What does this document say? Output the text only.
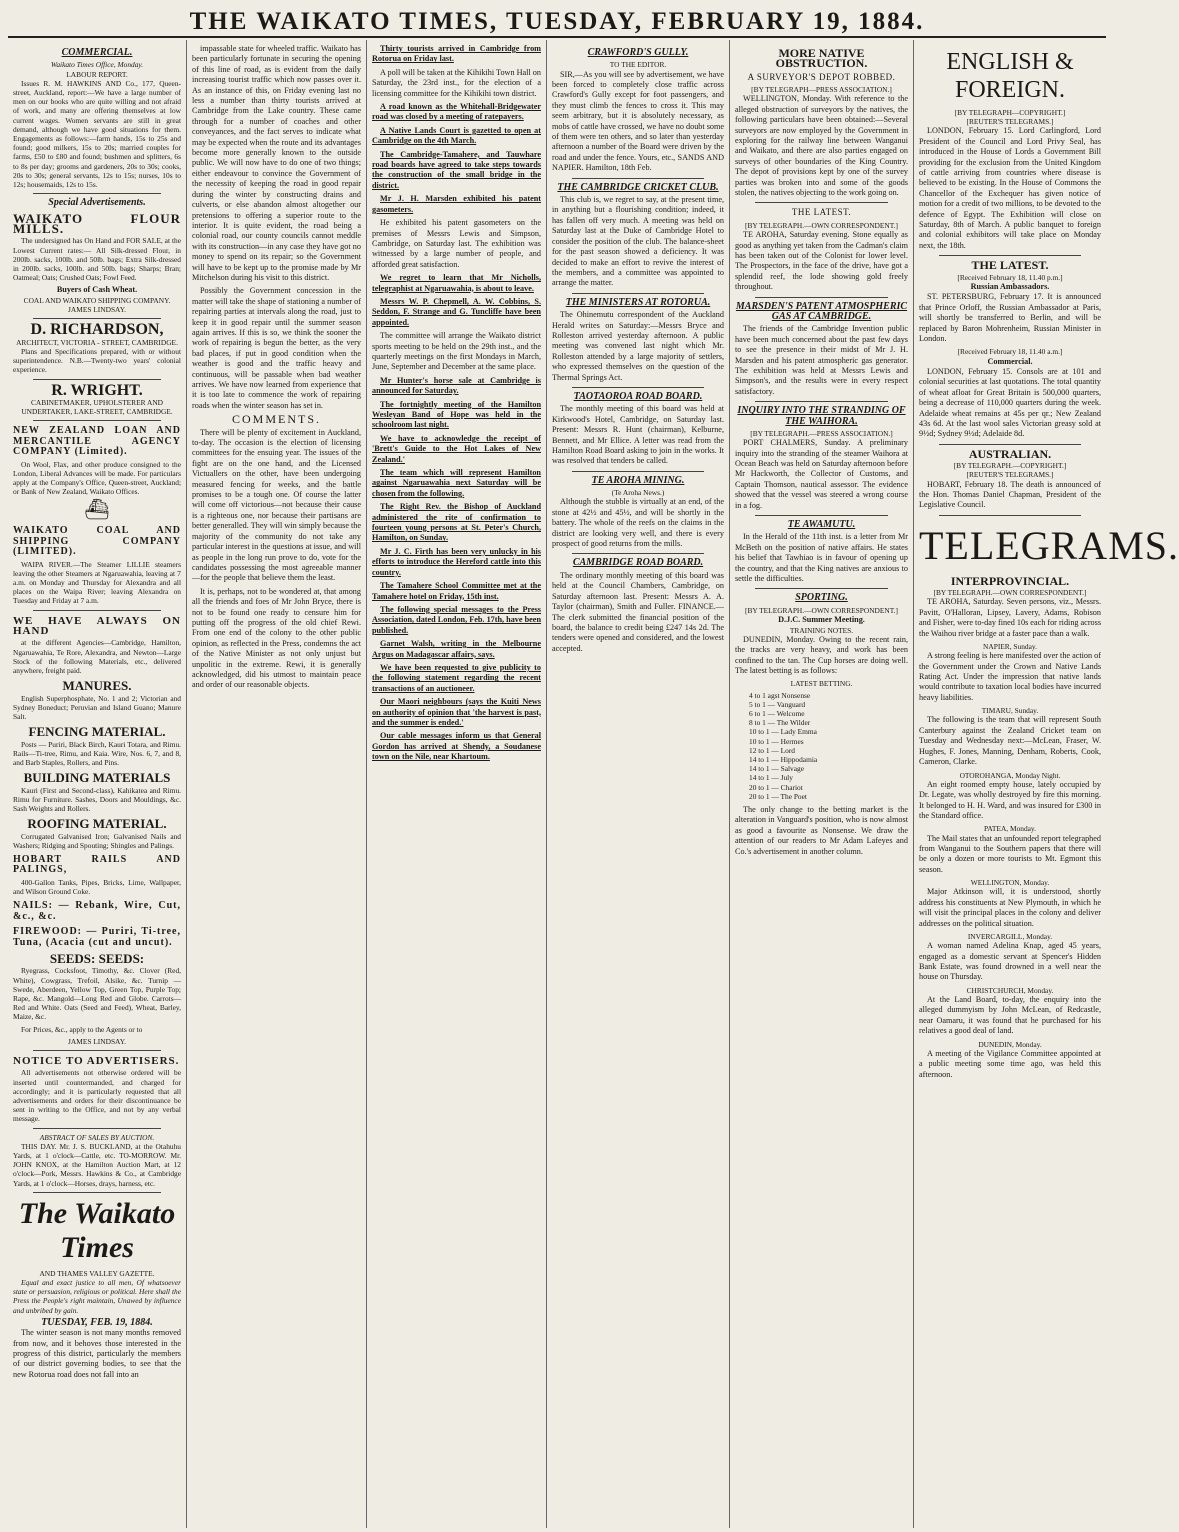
THE WAIKATO TIMES, TUESDAY, FEBRUARY 19, 1884.
COMMERCIAL.
Waikato Times Office, Monday.
LABOUR REPORT.

Issues R. M. HAWKINS AND Co., 177, Queen-street, Auckland, report:—We have a large number of men on our books who are quite willing and not afraid of work, and many are offering themselves at low current wages. Women servants are still in great demand, although we have good situations for them. Engagements as follows:—farm hands, 15s to 25s and found; good milkers, 15s to 20s; married couples for farms, £50 to £80 and found; bushmen and splitters, 6s to 8s per day; grooms and gardeners, 20s to 30s; cooks, 20s to 30s; general servants, 12s to 15s; nurses, 10s to 12s; housemaids, 12s to 15s.

Special Advertisements.
WAIKATO FLOUR MILLS.

The undersigned has On Hand and FOR SALE, at the Lowest Current rates:— All Silk-dressed Flour, in 200lb. sacks, 100lb. and 50lb. bags; Extra Silk-dressed in 200lb. sacks, 100lb. and 50lb. bags; Sharps; Bran; Oatmeal; Oats; Crushed Oats; Fowl Feed.

Buyers of Cash Wheat.
COAL AND WAIKATO SHIPPING COMPANY. JAMES LINDSAY.
D. RICHARDSON,
ARCHITECT, VICTORIA - STREET, CAMBRIDGE.

Plans and Specifications prepared, with or without superintendence. N.B.—Twenty-two years' colonial experience.

R. WRIGHT.
CABINETMAKER, UPHOLSTERER AND UNDERTAKER, LAKE-STREET, CAMBRIDGE.
NEW ZEALAND LOAN AND MERCANTILE AGENCY COMPANY (Limited).

On Wool, Flax, and other produce consigned to the London, Liberal Advances will be made. For particulars apply at the Company's Office, Queen-street, Auckland; or Bank of New Zealand, Waikato Offices.

⛴
WAIKATO COAL AND SHIPPING COMPANY (LIMITED).

WAIPA RIVER.—The Steamer LILLIE steamers leaving the other Steamers at Ngaruawahia, leaving at 7 a.m. on Monday and Thursday for Alexandra and all places on the Waipa River; leaving Alexandra on Tuesday and Friday at 7 a.m.

WE HAVE ALWAYS ON HAND

at the different Agencies—Cambridge, Hamilton, Ngaruawahia, Te Rore, Alexandra, and Newton—Large Stock of the following Materials, etc., delivered anywhere, freight paid.

MANURES.

English Superphosphate, No. 1 and 2; Victorian and Sydney Boneduct; Peruvian and Island Guano; Manure Salt.

FENCING MATERIAL.

Posts — Puriri, Black Birch, Kauri Totara, and Rimu. Rails—Ti-tree, Rimu, and Kaia. Wire, Nos. 6, 7, and 8, and Barb Staples, Rollers, and Pins.

BUILDING MATERIALS

Kauri (First and Second-class), Kahikatea and Rimu. Rimu for Furniture. Sashes, Doors and Mouldings, &c. Sash Weights and Rollers.

ROOFING MATERIAL.

Corrugated Galvanised Iron; Galvanised Nails and Washers; Ridging and Spouting; Shingles and Palings.

HOBART RAILS AND PALINGS,

400-Gallon Tanks, Pipes, Bricks, Lime, Wallpaper, and Wilson Ground Coke.

NAILS: — Rebank, Wire, Cut, &c., &c.
FIREWOOD: — Puriri, Ti-tree, Tuna, (Acacia (cut and uncut).
SEEDS: SEEDS:

Ryegrass, Cocksfoot, Timothy, &c. Clover (Red, White), Cowgrass, Trefoil, Alsike, &c. Turnip — Swede, Aberdeen, Yellow Top, Green Top, Purple Top; Rape, &c. Mangold—Long Red and Globe. Carrots—Red and White. Oats (Seed and Feed), Wheat, Barley, Maize, &c.

For Prices, &c., apply to the Agents or to

JAMES LINDSAY.
NOTICE TO ADVERTISERS.

All advertisements not otherwise ordered will be inserted until countermanded, and charged for accordingly; and it is particularly requested that all advertisements and orders for their discontinuance be sent in writing to the Office, and not by any verbal message.

ABSTRACT OF SALES BY AUCTION.

THIS DAY. Mr. J. S. BUCKLAND, at the Otahuhu Yards, at 1 o'clock—Cattle, etc. TO-MORROW. Mr. JOHN KNOX, at the Hamilton Auction Mart, at 12 o'clock—Pork, Messrs. Hawkins & Co., at Cambridge Yards, at 1 o'clock—Horses, drays, harness, etc.

The Waikato Times
AND THAMES VALLEY GAZETTE.

Equal and exact justice to all men, Of whatsoever state or persuasion, religious or political. Here shall the Press the People's right maintain, Unawed by influence and unbribed by gain.

TUESDAY, FEB. 19, 1884.

The winter season is not many months removed from now, and it behoves those interested in the progress of this district, particularly the members of our district governing bodies, to see that the new Rotorua road does not fall into an

impassable state for wheeled traffic. Waikato has been particularly fortunate in securing the opening of this line of road, as is evident from the daily increasing tourist traffic which now passes over it. As an instance of this, on Friday evening last no less a number than thirty tourists arrived at Cambridge from the Lake country. These came through for a number of coaches and other conveyances, and the fact serves to indicate what may be expected when the route and its advantages become more generally known to the outside public. We will now have to do one of two things; either endeavour to convince the Government of the necessity of keeping the road in good repair during the winter by constructing drains and culverts, or else abandon almost altogether our pretensions to offering a superior route to the interior. It is quite evident, the road being a colonial road, our county councils cannot meddle with its construction—in any case they have got no money to spend on its repair; so the Government will have to be kept up to the promise made by Mr Mitchelson during his visit to this district.

Possibly the Government concession in the matter will take the shape of stationing a number of repairing parties at intervals along the road, just to keep it in good repair until the summer season again arrives. If this is so, we think the sooner the work of repairing is begun the better, as the very bad places, if put in good condition when the weather is good and the traffic heavy and continuous, will be passable when bad weather arrives. We have now learned from experience that it is too late to commence the work of repairing roads when the winter season has set in.

COMMENTS.

There will be plenty of excitement in Auckland, to-day. The occasion is the election of licensing committees for the ensuing year. The issues of the fight are on the one hand, and the Licensed Victuallers on the other, have been undergoing measured fencing for weeks, and the battle promises to be a tough one. Of course the latter will come off victorious—not because their cause is a righteous one, nor because their partisans are better generalled. They will win simply because the majority of the community do not take any particular interest in the questions at issue, and will as people in the long run prove to do, vote for the candidates possessing the most agreeable manner—for the people that believe them the least.

It is, perhaps, not to be wondered at, that among all the friends and foes of Mr John Bryce, there is not to be found one ready to censure him for putting off the progress of the old chief Rewi. From one end of the colony to the other public opinion, as reflected in the Press, condemns the act of the Native Minister as not only unjust but unpolitic in the extreme. Rewi, it is generally acknowledged, did his utmost to maintain peace and order of our reasonable objects.

Thirty tourists arrived in Cambridge from Rotorua on Friday last.

A poll will be taken at the Kihikihi Town Hall on Saturday, the 23rd inst., for the election of a licensing committee for the Kihikihi town district.

A road known as the Whitehall-Bridgewater road was closed by a meeting of ratepayers.

A Native Lands Court is gazetted to open at Cambridge on the 4th March.

The Cambridge-Tamahere, and Tauwhare road boards have agreed to take steps towards the construction of the small bridge in the district.

Mr J. H. Marsden exhibited his patent gasometers.

He exhibited his patent gasometers on the premises of Messrs Lewis and Simpson, Cambridge, on Saturday last. The exhibition was witnessed by a large number of people, and afforded great satisfaction.

We regret to learn that Mr Nicholls, telegraphist at Ngaruawahia, is about to leave.

Messrs W. P. Chepmell, A. W. Cobbins, S. Seddon, F. Strange and G. Tuncliffe have been appointed.

The committee will arrange the Waikato district sports meeting to be held on the 29th inst., and the quarterly meetings on the first Mondays in March, June, September and December at the same place.

Mr Hunter's horse sale at Cambridge is announced for Saturday.

The fortnightly meeting of the Hamilton Wesleyan Band of Hope was held in the schoolroom last night.

We have to acknowledge the receipt of 'Brett's Guide to the Hot Lakes of New Zealand.'

The team which will represent Hamilton against Ngaruawahia next Saturday will be chosen from the following.

The Right Rev. the Bishop of Auckland administered the rite of confirmation to fourteen young persons at St. Peter's Church, Hamilton, on Sunday.

Mr J. C. Firth has been very unlucky in his efforts to introduce the Hereford cattle into this country.

The Tamahere School Committee met at the Tamahere hotel on Friday, 15th inst.

The following special messages to the Press Association, dated London, Feb. 17th, have been published.

Garnet Walsh, writing in the Melbourne Argus on Madagascar affairs, says.

We have been requested to give publicity to the following statement regarding the recent transactions of an auctioneer.

Our Maori neighbours (says the Kuiti News on authority of opinion that 'the harvest is past, and the summer is ended.'

Our cable messages inform us that General Gordon has arrived at Shendy, a Soudanese town on the Nile, near Khartoum.

CRAWFORD'S GULLY.
TO THE EDITOR.

SIR,—As you will see by advertisement, we have been forced to completely close traffic across Crawford's Gully except for foot passengers, and they must climb the fences to cross it. This may seem arbitrary, but it is absolutely necessary, as mobs of cattle have crossed, we have no doubt some of them were ten others, and so later than yesterday afternoon a number of the Board were driven by the road and under the fence. Yours, etc., SANDS AND NAPIER. Hamilton, 18th Feb.

THE CAMBRIDGE CRICKET CLUB.

This club is, we regret to say, at the present time, in anything but a flourishing condition; indeed, it has fallen off very much. A meeting was held on Saturday last at the Duke of Cambridge Hotel to consider the position of the club. The balance-sheet for the past season showed a deficiency. It was decided to make an effort to revive the interest of the members, and a committee was appointed to arrange the matter.

THE MINISTERS AT ROTORUA.

The Ohinemutu correspondent of the Auckland Herald writes on Saturday:—Messrs Bryce and Rolleston arrived yesterday afternoon. A public meeting was convened last night which Mr. Rolleston attended by a large majority of settlers, who expressed themselves on the question of the Thermal Springs Act.

TAOTAOROA ROAD BOARD.

The monthly meeting of this board was held at Kirkwood's Hotel, Cambridge, on Saturday last. Present: Messrs R. Hunt (chairman), Kelburne, Bennett, and Mr Ellice. A letter was read from the Hamilton Road Board asking to join in the works. It was resolved that tenders be called.

TE AROHA MINING.
(Te Aroha News.)

Although the stubble is virtually at an end, of the stone at 42½ and 45½, and will be shortly in the battery. The whole of the reefs on the claims in the district are looking very well, and there is every prospect of good returns from the mills.

CAMBRIDGE ROAD BOARD.

The ordinary monthly meeting of this board was held at the Council Chambers, Cambridge, on Saturday afternoon last. Present: Messrs A. A. Taylor (chairman), Smith and Fuller. FINANCE.—The clerk submitted the financial position of the board, the balance to credit being £247 14s 2d. The tenders were opened and considered, and the lowest accepted.

MORE NATIVE OBSTRUCTION.
A SURVEYOR'S DEPOT ROBBED.
[BY TELEGRAPH—PRESS ASSOCIATION.]

WELLINGTON, Monday. With reference to the alleged obstruction of surveyors by the natives, the following particulars have been obtained:—Several surveyors are now employed by the Government in exploring for the railway line between Wanganui and Waikato, and there are also parties engaged on surveys of other boundaries of the King Country. The depot of provisions kept by one of the survey parties was broken into and some of the goods stolen, the natives objecting to the work going on.

THE LATEST.
[BY TELEGRAPH.—OWN CORRESPONDENT.]

TE AROHA, Saturday evening. Stone equally as good as anything yet taken from the Cadman's claim has been taken out of the Colonist for lower level. The Prospectors, in the face of the drive, have got a splendid reef, the lode showing gold freely throughout.

MARSDEN'S PATENT ATMOSPHERIC GAS AT CAMBRIDGE.

The friends of the Cambridge Invention public have been much concerned about the past few days to see the presence in their midst of Mr J. H. Marsden and his patent atmospheric gas generator. The exhibition was held at Messrs Lewis and Simpson's, and the results were in every respect satisfactory.

INQUIRY INTO THE STRANDING OF THE WAIHORA.
[BY TELEGRAPH.—PRESS ASSOCIATION.]

PORT CHALMERS, Sunday. A preliminary inquiry into the stranding of the steamer Waihora at Ocean Beach was held on Saturday afternoon before Mr Hackworth, the Collector of Customs, and Captain Thomson, nautical assessor. The evidence showed that the vessel was steered a wrong course in a fog.

TE AWAMUTU.

In the Herald of the 11th inst. is a letter from Mr McBeth on the position of native affairs. He states his belief that Tawhiao is in favour of opening up the country, and that the King natives are anxious to settle the difficulties.

SPORTING.
[BY TELEGRAPH.—OWN CORRESPONDENT.]
D.J.C. Summer Meeting.
TRAINING NOTES.

DUNEDIN, Monday. Owing to the recent rain, the tracks are very heavy, and work has been confined to the tan. The Cup horses are doing well. The latest betting is as follows:

LATEST BETTING.
4 to 1 agst Nonsense
5 to 1 — Vanguard
6 to 1 — Welcome
8 to 1 — The Wilder
10 to 1 — Lady Emma
10 to 1 — Hermes
12 to 1 — Lord
14 to 1 — Hippodamia
14 to 1 — Salvage
14 to 1 — July
20 to 1 — Chariot
20 to 1 — The Poet

The only change to the betting market is the alteration in Vanguard's position, who is now almost as good a favourite as Nonsense. We draw the attention of our readers to Mr Adam Lafeyes and Co.'s advertisement in another column.

ENGLISH & FOREIGN.
[BY TELEGRAPH—COPYRIGHT.]
[REUTER'S TELEGRAMS.]

LONDON, February 15. Lord Carlingford, Lord President of the Council and Lord Privy Seal, has introduced in the House of Lords a Government Bill providing for the exclusion from the United Kingdom of cattle arriving from countries where disease is believed to be existing. In the House of Commons the Chancellor of the Exchequer has given notice of motion for a credit of two millions, to be devoted to the defence of Egypt. The Exhibition will close on Saturday, 8th of March. A public banquet to foreign and colonial exhibitors will take place on Monday next, the 18th.

THE LATEST.
[Received February 18, 11.40 p.m.]
Russian Ambassadors.

ST. PETERSBURG, February 17. It is announced that Prince Orloff, the Russian Ambassador at Paris, will shortly be transferred to Berlin, and will be replaced by Baron Mohrenheim, Russian Minister in London.

[Received February 18, 11.40 a.m.]
Commercial.

LONDON, February 15. Consols are at 101 and colonial securities at last quotations. The total quantity of wheat afloat for Great Britain is 500,000 quarters, being a decrease of 110,000 quarters during the week. Adelaide wheat remains at 45s per qr.; New Zealand 43s 6d. At the last wool sales Victorian greasy sold at 9½d; Sydney 9½d; Adelaide 8d.

AUSTRALIAN.
[BY TELEGRAPH.—COPYRIGHT.]
[REUTER'S TELEGRAMS.]

HOBART, February 18. The death is announced of the Hon. Thomas Daniel Chapman, President of the Legislative Council.

TELEGRAMS.
INTERPROVINCIAL.
[BY TELEGRAPH.—OWN CORRESPONDENT.]

TE AROHA, Saturday. Seven persons, viz., Messrs. Pavitt, O'Halloran, Lipsey, Lavery, Adams, Robison and Fisher, were to-day fined 10s each for riding across the Waihou river bridge at a faster pace than a walk.

NAPIER, Sunday.

A strong feeling is here manifested over the action of the Government under the Crown and Native Lands Rating Act. Under the impression that native lands would contribute to taxation local bodies have incurred heavy liabilities.

TIMARU, Sunday.

The following is the team that will represent South Canterbury against the Zealand Cricket team on Tuesday and Wednesday next:—McLean, Fraser, W. Hughes, F. Jones, Manning, Denham, Roberts, Cook, Cameron, Clarke.

OTOROHANGA, Monday Night.

An eight roomed empty house, lately occupied by Dr. Legate, was wholly destroyed by fire this morning. It belonged to H. H. Ward, and was insured for £300 in the Standard office.

PATEA, Monday.

The Mail states that an unfounded report telegraphed from Wanganui to the Southern papers that there will be only a dozen or more tourists to Mt. Egmont this season.

WELLINGTON, Monday.

Major Atkinson will, it is understood, shortly address his constituents at New Plymouth, in which he will visit the principal places in the colony and deliver addresses on the political situation.

INVERCARGILL, Monday.

A woman named Adelina Knap, aged 45 years, engaged as a domestic servant at Spencer's Hidden Bank Estate, was found drowned in a well near the house on Thursday.

CHRISTCHURCH, Monday.

At the Land Board, to-day, the enquiry into the alleged dummyism by John McLean, of Redcastle, near Oamaru, it was found that he purchased for his relatives a good deal of land.

DUNEDIN, Monday.

A meeting of the Vigilance Committee appointed at a public meeting some time ago, was held this afternoon.
